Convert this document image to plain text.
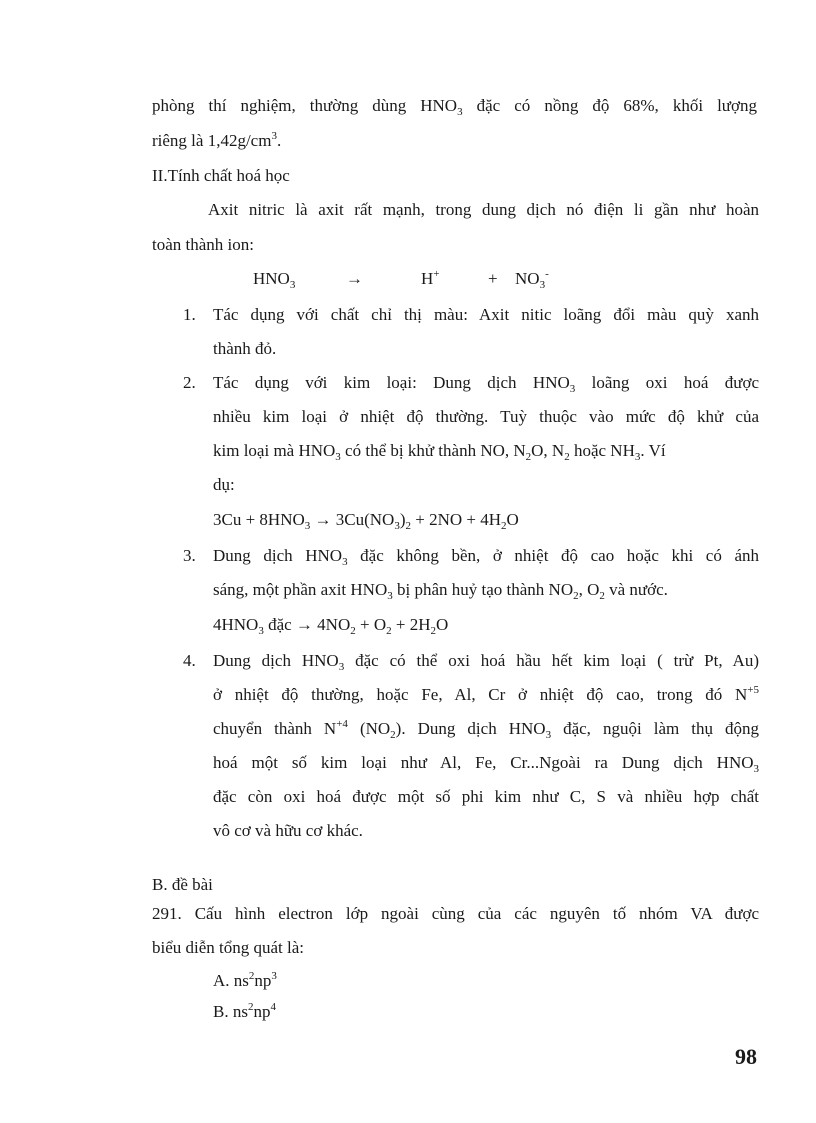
phòng thí nghiệm, thường dùng $HNO_3$ đặc có nồng độ 68%, khối lượng
riêng là $1,42g/cm^3$.
II.Tính chất hoá học
Axit nitric là axit rất mạnh, trong dung dịch nó điện li gần như hoàn
toàn thành ion:
$HNO_3$	→	H+	+ $NO_3^-$
1. Tác dụng với chất chỉ thị màu: Axit nitic loãng đổi màu quỳ xanh
thành đỏ.
2. Tác dụng với kim loại: Dung dịch $HNO_3$ loãng oxi hoá được
nhiều kim loại ở nhiệt độ thường. Tuỳ thuộc vào mức độ khử của
kim loại mà $HNO_3$ có thể bị khử thành NO, $N_2O$, $N_2$ hoặc $NH_3$. Ví
dụ:
$3Cu + 8HNO_3 \to 3Cu(NO_3)_2 + 2NO + 4H_2O$
3. Dung dịch $HNO_3$ đặc không bền, ở nhiệt độ cao hoặc khi có ánh
sáng, một phần axit $HNO_3$ bị phân huỷ tạo thành $NO_2$, $O_2$ và nước.
$4HNO_3$ đặc → $4NO_2 + O_2 + 2H_2O$
4. Dung dịch $HNO_3$ đặc có thể oxi hoá hầu hết kim loại ( trừ Pt, Au)
ở nhiệt độ thường, hoặc Fe, Al, Cr ở nhiệt độ cao, trong đó $N^{+5}$
chuyển thành $N^{+4}$ $(NO_2)$. Dung dịch $HNO_3$ đặc, nguội làm thụ động
hoá một số kim loại như Al, Fe, Cr...Ngoài ra Dung dịch $HNO_3$
đặc còn oxi hoá được một số phi kim như C, S và nhiều hợp chất
vô cơ và hữu cơ khác.
B. đề bài
291. Cấu hình electron lớp ngoài cùng của các nguyên tố nhóm VA được
biểu diễn tổng quát là:
A. $ns^2np^3$
B. $ns^2np^4$
98
